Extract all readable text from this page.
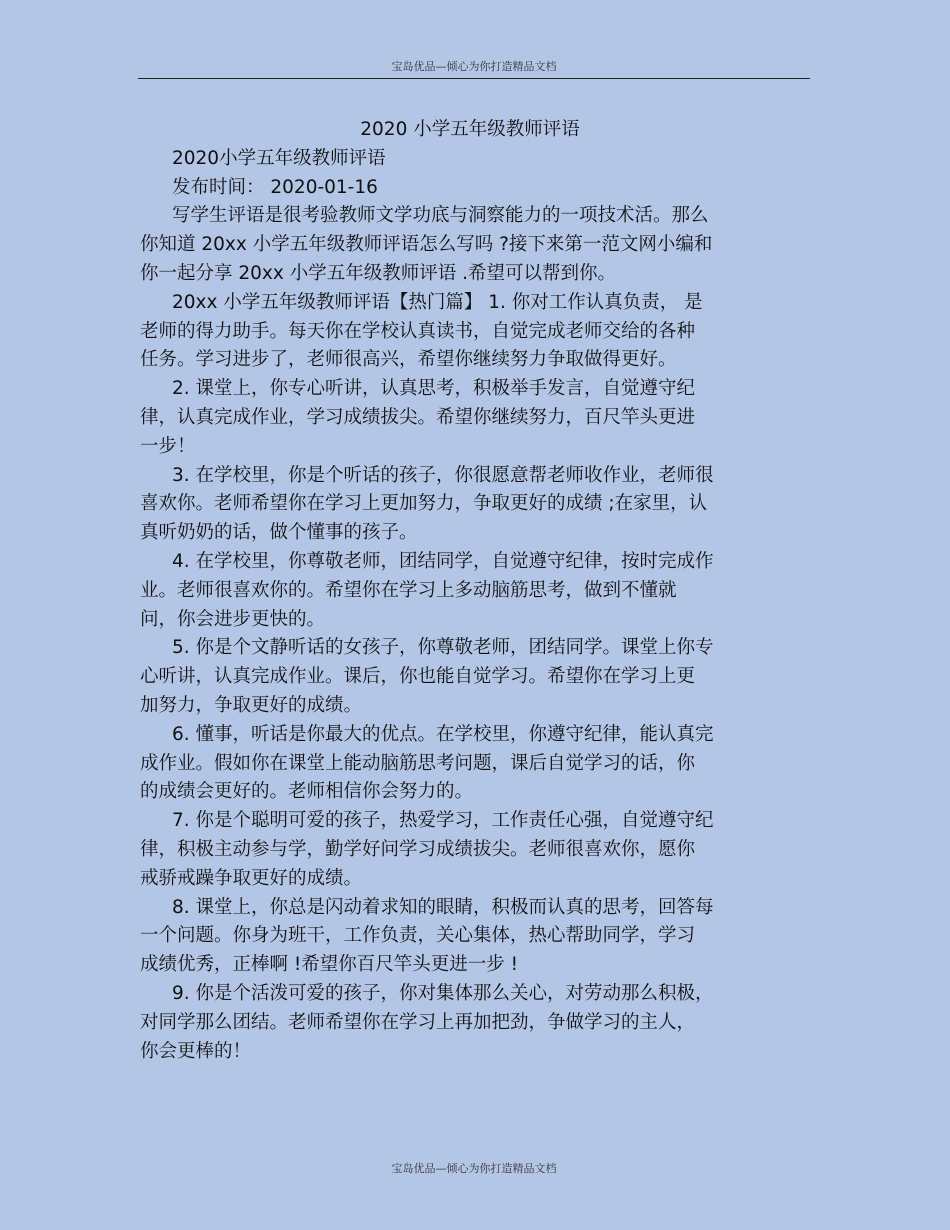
宝岛优品—倾心为你打造精品文档
2020 小学五年级教师评语
2020小学五年级教师评语
发布时间： 2020-01-16
写学生评语是很考验教师文学功底与洞察能力的一项技术活。那么
你知道 20xx 小学五年级教师评语怎么写吗 ?接下来第一范文网小编和
你一起分享 20xx 小学五年级教师评语 .希望可以帮到你。
20xx 小学五年级教师评语【热门篇】 1. 你对工作认真负责， 是
老师的得力助手。每天你在学校认真读书，自觉完成老师交给的各种
任务。学习进步了，老师很高兴，希望你继续努力争取做得更好。
2. 课堂上，你专心听讲，认真思考，积极举手发言，自觉遵守纪
律，认真完成作业，学习成绩拔尖。希望你继续努力，百尺竿头更进
一步！
3. 在学校里，你是个听话的孩子，你很愿意帮老师收作业，老师很
喜欢你。老师希望你在学习上更加努力，争取更好的成绩 ;在家里，认
真听奶奶的话，做个懂事的孩子。
4. 在学校里，你尊敬老师，团结同学，自觉遵守纪律，按时完成作
业。老师很喜欢你的。希望你在学习上多动脑筋思考，做到不懂就
问，你会进步更快的。
5. 你是个文静听话的女孩子，你尊敬老师，团结同学。课堂上你专
心听讲，认真完成作业。课后，你也能自觉学习。希望你在学习上更
加努力，争取更好的成绩。
6. 懂事，听话是你最大的优点。在学校里，你遵守纪律，能认真完
成作业。假如你在课堂上能动脑筋思考问题，课后自觉学习的话，你
的成绩会更好的。老师相信你会努力的。
7. 你是个聪明可爱的孩子，热爱学习，工作责任心强，自觉遵守纪
律，积极主动参与学，勤学好问学习成绩拔尖。老师很喜欢你，愿你
戒骄戒躁争取更好的成绩。
8. 课堂上，你总是闪动着求知的眼睛，积极而认真的思考，回答每
一个问题。你身为班干，工作负责，关心集体，热心帮助同学，学习
成绩优秀，正棒啊 !希望你百尺竿头更进一步 !
9. 你是个活泼可爱的孩子，你对集体那么关心，对劳动那么积极，
对同学那么团结。老师希望你在学习上再加把劲，争做学习的主人，
你会更棒的！
宝岛优品—倾心为你打造精品文档
